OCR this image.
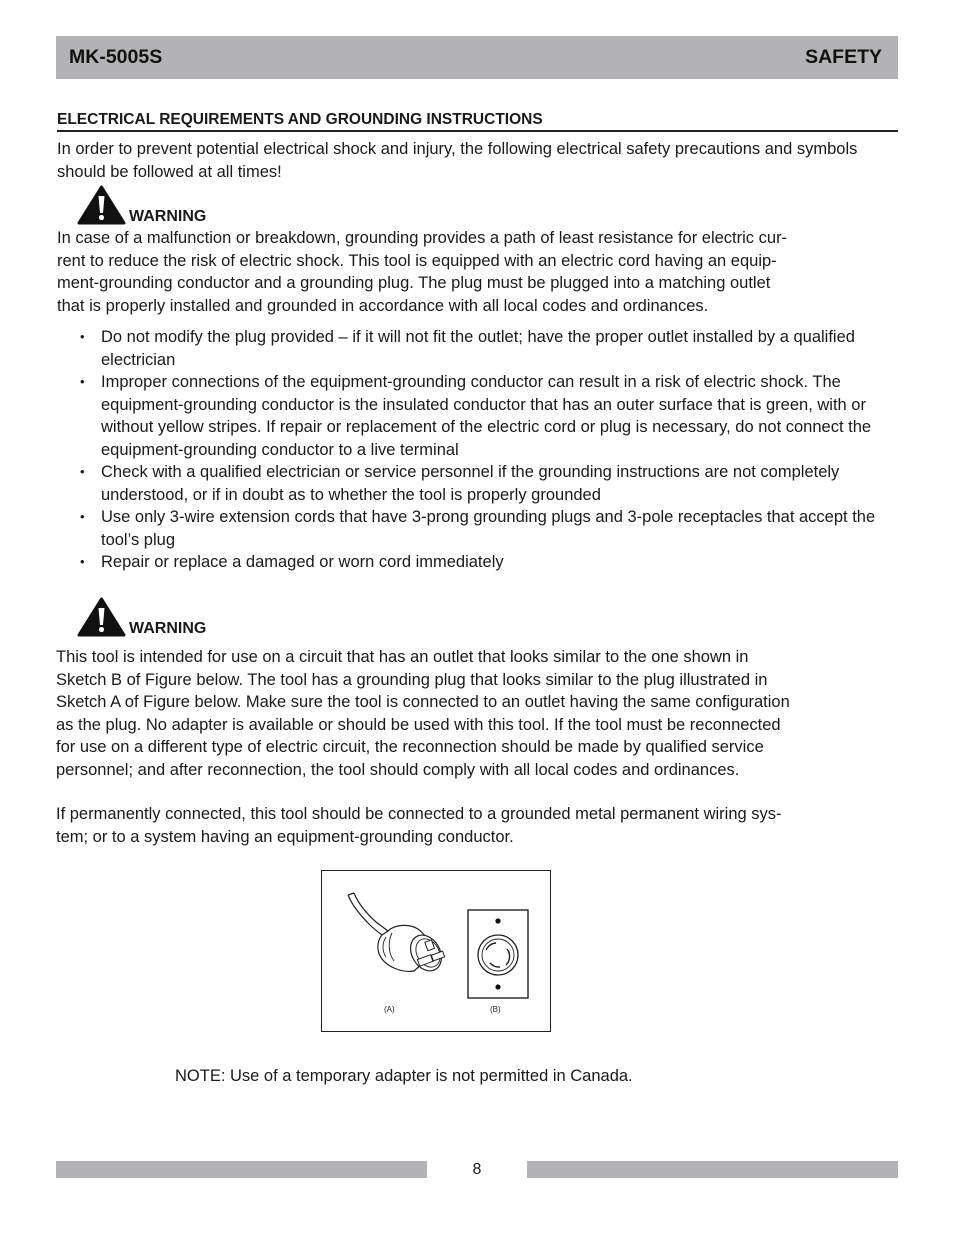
MK-5005S	SAFETY
ELECTRICAL REQUIREMENTS AND GROUNDING INSTRUCTIONS

In order to prevent potential electrical shock and injury, the following electrical safety precautions and symbols should be followed at all times!

WARNING

In case of a malfunction or breakdown, grounding provides a path of least resistance for electric cur-
rent to reduce the risk of electric shock. This tool is equipped with an electric cord having an equip-
ment-grounding conductor and a grounding plug. The plug must be plugged into a matching outlet
that is properly installed and grounded in accordance with all local codes and ordinances.

• Do not modify the plug provided – if it will not fit the outlet; have the proper outlet installed by a qualified electrician
• Improper connections of the equipment-grounding conductor can result in a risk of electric shock. The equipment-grounding conductor is the insulated conductor that has an outer surface that is green, with or without yellow stripes. If repair or replacement of the electric cord or plug is necessary, do not connect the equipment-grounding conductor to a live terminal
• Check with a qualified electrician or service personnel if the grounding instructions are not completely understood, or if in doubt as to whether the tool is properly grounded
• Use only 3-wire extension cords that have 3-prong grounding plugs and 3-pole receptacles that accept the tool’s plug
• Repair or replace a damaged or worn cord immediately
WARNING

This tool is intended for use on a circuit that has an outlet that looks similar to the one shown in
Sketch B of Figure below. The tool has a grounding plug that looks similar to the plug illustrated in
Sketch A of Figure below. Make sure the tool is connected to an outlet having the same configuration
as the plug. No adapter is available or should be used with this tool. If the tool must be reconnected
for use on a different type of electric circuit, the reconnection should be made by qualified service
personnel; and after reconnection, the tool should comply with all local codes and ordinances.

If permanently connected, this tool should be connected to a grounded metal permanent wiring sys-
tem; or to a system having an equipment-grounding conductor.

(A)	(B)
NOTE: Use of a temporary adapter is not permitted in Canada.
8
